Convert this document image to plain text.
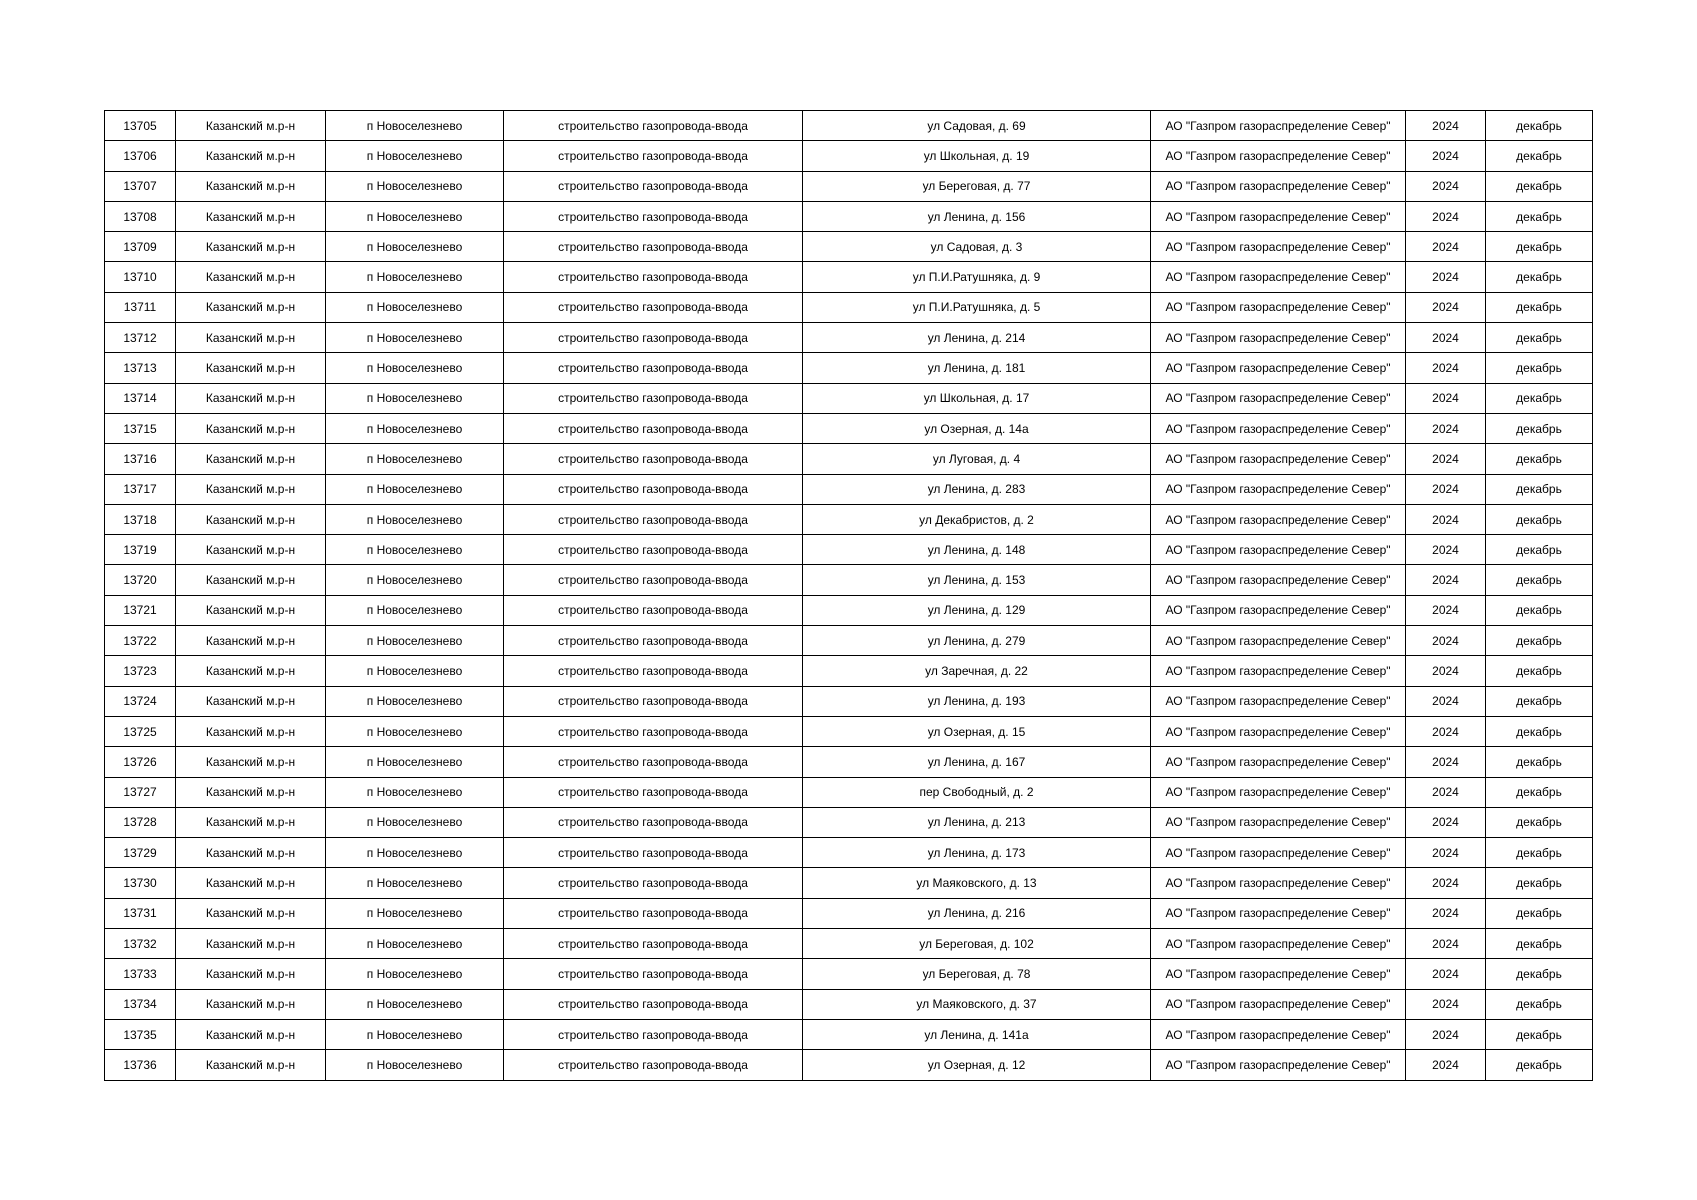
13705	Казанский м.р-н	п Новоселезнево	строительство газопровода-ввода	ул Садовая, д. 69	АО "Газпром газораспределение Север"	2024	декабрь
13706	Казанский м.р-н	п Новоселезнево	строительство газопровода-ввода	ул Школьная, д. 19	АО "Газпром газораспределение Север"	2024	декабрь
13707	Казанский м.р-н	п Новоселезнево	строительство газопровода-ввода	ул Береговая, д. 77	АО "Газпром газораспределение Север"	2024	декабрь
13708	Казанский м.р-н	п Новоселезнево	строительство газопровода-ввода	ул Ленина, д. 156	АО "Газпром газораспределение Север"	2024	декабрь
13709	Казанский м.р-н	п Новоселезнево	строительство газопровода-ввода	ул Садовая, д. 3	АО "Газпром газораспределение Север"	2024	декабрь
13710	Казанский м.р-н	п Новоселезнево	строительство газопровода-ввода	ул П.И.Ратушняка, д. 9	АО "Газпром газораспределение Север"	2024	декабрь
13711	Казанский м.р-н	п Новоселезнево	строительство газопровода-ввода	ул П.И.Ратушняка, д. 5	АО "Газпром газораспределение Север"	2024	декабрь
13712	Казанский м.р-н	п Новоселезнево	строительство газопровода-ввода	ул Ленина, д. 214	АО "Газпром газораспределение Север"	2024	декабрь
13713	Казанский м.р-н	п Новоселезнево	строительство газопровода-ввода	ул Ленина, д. 181	АО "Газпром газораспределение Север"	2024	декабрь
13714	Казанский м.р-н	п Новоселезнево	строительство газопровода-ввода	ул Школьная, д. 17	АО "Газпром газораспределение Север"	2024	декабрь
13715	Казанский м.р-н	п Новоселезнево	строительство газопровода-ввода	ул Озерная, д. 14а	АО "Газпром газораспределение Север"	2024	декабрь
13716	Казанский м.р-н	п Новоселезнево	строительство газопровода-ввода	ул Луговая, д. 4	АО "Газпром газораспределение Север"	2024	декабрь
13717	Казанский м.р-н	п Новоселезнево	строительство газопровода-ввода	ул Ленина, д. 283	АО "Газпром газораспределение Север"	2024	декабрь
13718	Казанский м.р-н	п Новоселезнево	строительство газопровода-ввода	ул Декабристов, д. 2	АО "Газпром газораспределение Север"	2024	декабрь
13719	Казанский м.р-н	п Новоселезнево	строительство газопровода-ввода	ул Ленина, д. 148	АО "Газпром газораспределение Север"	2024	декабрь
13720	Казанский м.р-н	п Новоселезнево	строительство газопровода-ввода	ул Ленина, д. 153	АО "Газпром газораспределение Север"	2024	декабрь
13721	Казанский м.р-н	п Новоселезнево	строительство газопровода-ввода	ул Ленина, д. 129	АО "Газпром газораспределение Север"	2024	декабрь
13722	Казанский м.р-н	п Новоселезнево	строительство газопровода-ввода	ул Ленина, д. 279	АО "Газпром газораспределение Север"	2024	декабрь
13723	Казанский м.р-н	п Новоселезнево	строительство газопровода-ввода	ул Заречная, д. 22	АО "Газпром газораспределение Север"	2024	декабрь
13724	Казанский м.р-н	п Новоселезнево	строительство газопровода-ввода	ул Ленина, д. 193	АО "Газпром газораспределение Север"	2024	декабрь
13725	Казанский м.р-н	п Новоселезнево	строительство газопровода-ввода	ул Озерная, д. 15	АО "Газпром газораспределение Север"	2024	декабрь
13726	Казанский м.р-н	п Новоселезнево	строительство газопровода-ввода	ул Ленина, д. 167	АО "Газпром газораспределение Север"	2024	декабрь
13727	Казанский м.р-н	п Новоселезнево	строительство газопровода-ввода	пер Свободный, д. 2	АО "Газпром газораспределение Север"	2024	декабрь
13728	Казанский м.р-н	п Новоселезнево	строительство газопровода-ввода	ул Ленина, д. 213	АО "Газпром газораспределение Север"	2024	декабрь
13729	Казанский м.р-н	п Новоселезнево	строительство газопровода-ввода	ул Ленина, д. 173	АО "Газпром газораспределение Север"	2024	декабрь
13730	Казанский м.р-н	п Новоселезнево	строительство газопровода-ввода	ул Маяковского, д. 13	АО "Газпром газораспределение Север"	2024	декабрь
13731	Казанский м.р-н	п Новоселезнево	строительство газопровода-ввода	ул Ленина, д. 216	АО "Газпром газораспределение Север"	2024	декабрь
13732	Казанский м.р-н	п Новоселезнево	строительство газопровода-ввода	ул Береговая, д. 102	АО "Газпром газораспределение Север"	2024	декабрь
13733	Казанский м.р-н	п Новоселезнево	строительство газопровода-ввода	ул Береговая, д. 78	АО "Газпром газораспределение Север"	2024	декабрь
13734	Казанский м.р-н	п Новоселезнево	строительство газопровода-ввода	ул Маяковского, д. 37	АО "Газпром газораспределение Север"	2024	декабрь
13735	Казанский м.р-н	п Новоселезнево	строительство газопровода-ввода	ул Ленина, д. 141а	АО "Газпром газораспределение Север"	2024	декабрь
13736	Казанский м.р-н	п Новоселезнево	строительство газопровода-ввода	ул Озерная, д. 12	АО "Газпром газораспределение Север"	2024	декабрь
